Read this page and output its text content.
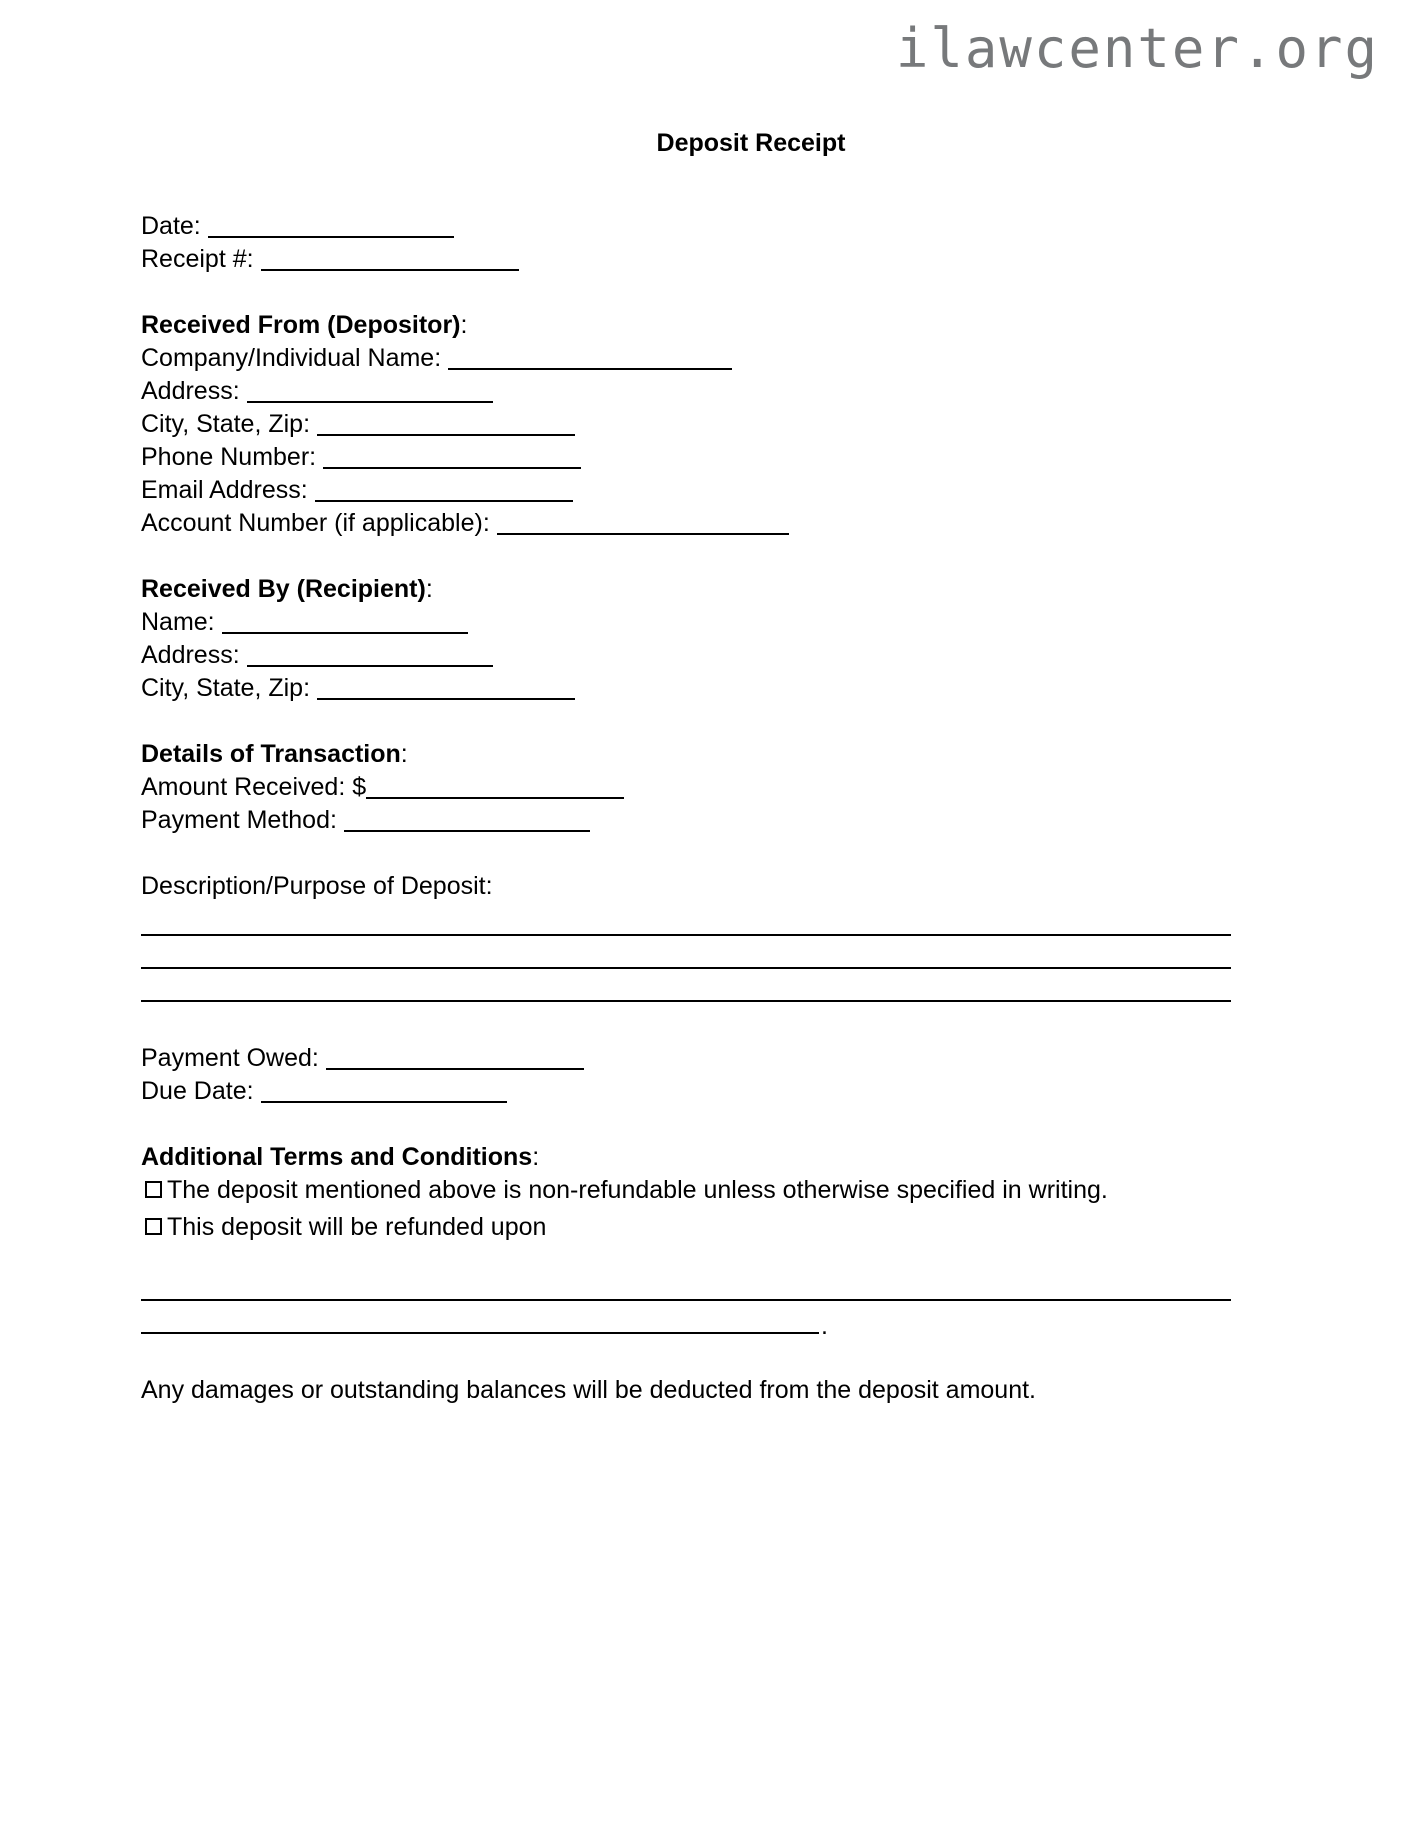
ilawcenter.org
Deposit Receipt
Date:
Receipt #:
Received From (Depositor):
Company/Individual Name:
Address:
City, State, Zip:
Phone Number:
Email Address:
Account Number (if applicable):
Received By (Recipient):
Name:
Address:
City, State, Zip:
Details of Transaction:
Amount Received: $
Payment Method:
Description/Purpose of Deposit:
Payment Owed:
Due Date:
Additional Terms and Conditions:
The deposit mentioned above is non-refundable unless otherwise specified in writing.
This deposit will be refunded upon
.
Any damages or outstanding balances will be deducted from the deposit amount.
